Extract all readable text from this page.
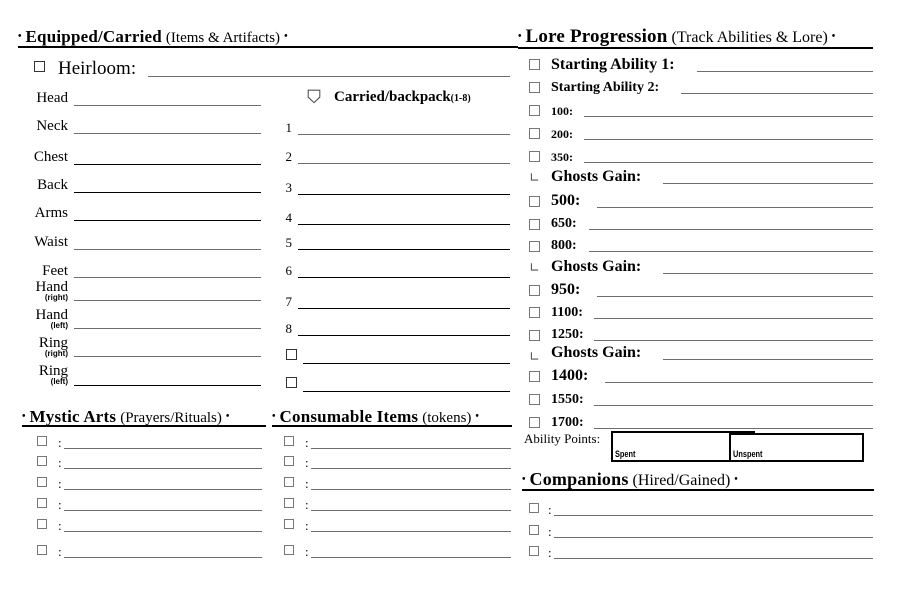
• Equipped/Carried (Items & Artifacts) •
Heirloom:
Head
Neck
Chest
Back
Arms
Waist
Feet
Hand
(right)
Hand
(left)
Ring
(right)
Ring
(left)
Carried/backpack(1-8)
1
2
3
4
5
6
7
8
• Lore Progression (Track Abilities & Lore) •
Starting Ability 1:
Starting Ability 2:
100:
200:
350:
∟ Ghosts Gain:
500:
650:
800:
∟ Ghosts Gain:
950:
1100:
1250:
∟ Ghosts Gain:
1400:
1550:
1700:
Ability Points:
Spent	Unspent
• Mystic Arts (Prayers/Rituals) •
:
:
:
:
:
:
• Consumable Items (tokens) •
:
:
:
:
:
:
• Companions (Hired/Gained) •
:
:
:
